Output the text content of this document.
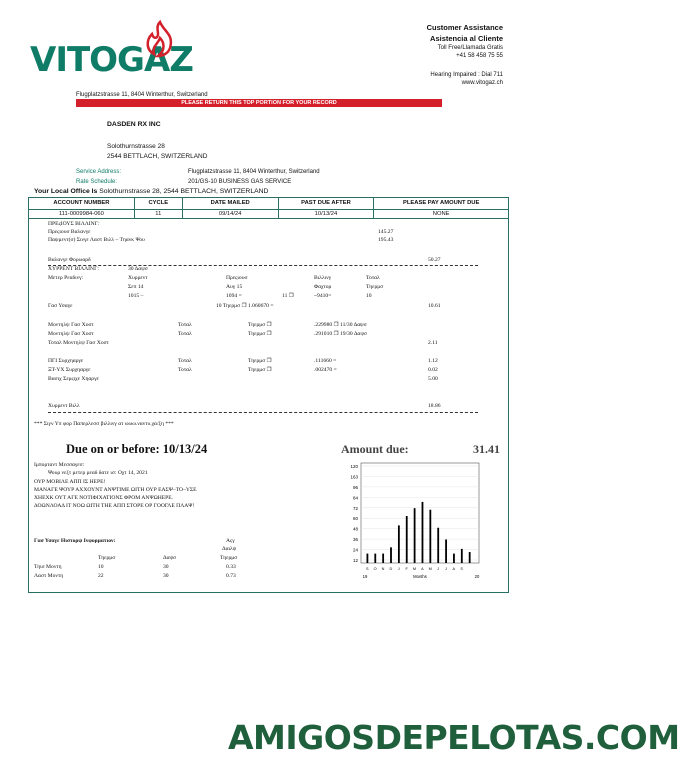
VITOGAZ
Flugplatzstrasse 11, 8404 Winterthur, Switzerland
PLEASE RETURN THIS TOP PORTION FOR YOUR RECORD
Customer Assistance
Asistencia al Cliente
Toll Free/Llamada Gratis
+41 58 458 75 55
Hearing Impaired : Dial 711
www.vitogaz.ch
DASDEN RX INC
Solothurnstrasse 28
2544 BETTLACH, SWITZERLAND
Service Address:	Flugplatzstrasse 11, 8404 Winterthur, Switzerland
Rate Schedule:	201/GS-10 BUSINESS GAS SERVICE
Your Local Office Is Solothurnstrasse 28, 2544 BETTLACH, SWITZERLAND
ACCOUNT NUMBER	CYCLE	DATE MAILED	PAST DUE AFTER	PLEASE PAY AMOUNT DUE
111-0009984-060	11	09/14/24	10/13/24	NONE
ΠΡΕςΙΟΥΣ ΒΙΛΛΙΝΓ:
Πρεςιουσ Βαλανγε	145.27
Παψμεντ(σ) Σινγε Λαστ Βιλλ – Τηανκ Ψου	195.43
Βαλανγε Φορωαρδ	50.27
ΧΥΡΡΕΝΤ ΒΙΛΛΙΝΓ:	30 Δαψσ
Μετερ Ρεαδινγ:	Χυρρεντ	Πρεςιουσ	Βιλλινγ	Τοταλ
Σεπ 14	Αυγ 15	Φαχτορ	Τηερμσ
1015 –	1094 =	11 ❐	~9410=	10
Γασ Υσαγε	10 Τηερμσ ❐ 1.060670 =	10.61
Μοντηλψ Γασ Χοστ	Τοταλ	Τηερμσ ❐	.229980 ❐ 11/30 Δαψσ
Μοντηλψ Γασ Χοστ	Τοταλ	Τηερμσ ❐	.291010 ❐ 19/30 Δαψσ
Τοταλ Μοντηλψ Γασ Χοστ	2.11
ΠΓΙ Συρχηαργε	Τοταλ	Τηερμσ ❐	.111660 =	1.12
ΞΤ-ΥΧ Συρχηαργε	Τοταλ	Τηερμσ ❐	.002470 =	0.02
Βασιχ Σερςιχε Χηαργε	5.00
Χυρρεντ Βιλλ	18.86
*** Σιγν Υπ φορ Παπερλεσσ βιλλινγ ατ ωωω.ναντυ.χα/ξη ***
Due on or before: 10/13/24	Amount due:	31.41
Ιμπορταντ Μεσσαγεσ:
Ψουρ νεξτ μετερ ρεαδ δατε ισ: Οχτ 14, 2021
ΟΥΡ ΜΟΒΙΛΕ ΑΠΠ ΙΣ ΗΕΡΕ!
ΜΑΝΑΓΕ ΨΟΥΡ ΑΧΧΟΥΝΤ ΑΝΨΤΙΜΕ ΩΙΤΗ ΟΥΡ ΕΑΣΨ–ΤΟ–ΥΣΕ
ΧΗΕΧΚ ΟΥΤ ΑΓΕ ΝΟΤΙΦΙΧΑΤΙΟΝΣ ΦΡΟΜ ΑΝΨΩΗΕΡΕ.
ΔΟΩΝΛΟΑΔ ΙΤ ΝΟΩ ΩΙΤΗ ΤΗΕ ΑΠΠ ΣΤΟΡΕ ΟΡ ΓΟΟΓΛΕ ΠΛΑΨ!
Γασ Υσαγε Ηιστορψ Ινφορματιον:	Αςγ
Δαιλψ
Τηερμσ	Δαψσ	Τηερμσ
Τηισ Μοντη	10	30	0.33
Λαστ Μοντη	22	30	0.73
120
163
96
84
72
60
48
36
24
12
S O N D J F M A M J J A S
19	Months	20
AMIGOSDEPELOTAS.COM
